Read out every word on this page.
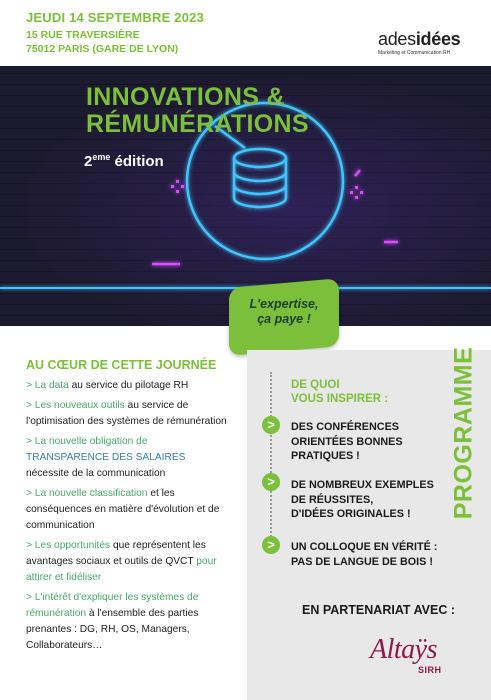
JEUDI 14 SEPTEMBRE 2023
15 RUE TRAVERSIÈRE
75012 PARIS (GARE DE LYON)	adesidées
Marketing et Communication RH
INNOVATIONS &
RÉMUNÉRATIONS
2eme édition
L'expertise,
ça paye !
AU CŒUR DE CETTE JOURNÉE
> La data au service du pilotage RH
> Les nouveaux outils au service de l'optimisation des systèmes de rémunération
> La nouvelle obligation de
TRANSPARENCE DES SALAIRES
nécessite de la communication
> La nouvelle classification et les conséquences en matière d'évolution et de communication
> Les opportunités que représentent les avantages sociaux et outils de QVCT pour attirer et fidéliser
> L'intérêt d'expliquer les systèmes de rémunération à l'ensemble des parties prenantes : DG, RH, OS, Managers, Collaborateurs…
PROGRAMME
DE QUOI
VOUS INSPIRER :
>	DES CONFÉRENCES
ORIENTÉES BONNES
PRATIQUES !
>	DE NOMBREUX EXEMPLES
DE RÉUSSITES,
D'IDÉES ORIGINALES !
>	UN COLLOQUE EN VÉRITÉ :
PAS DE LANGUE DE BOIS !
EN PARTENARIAT AVEC :
Altaÿs
SIRH
